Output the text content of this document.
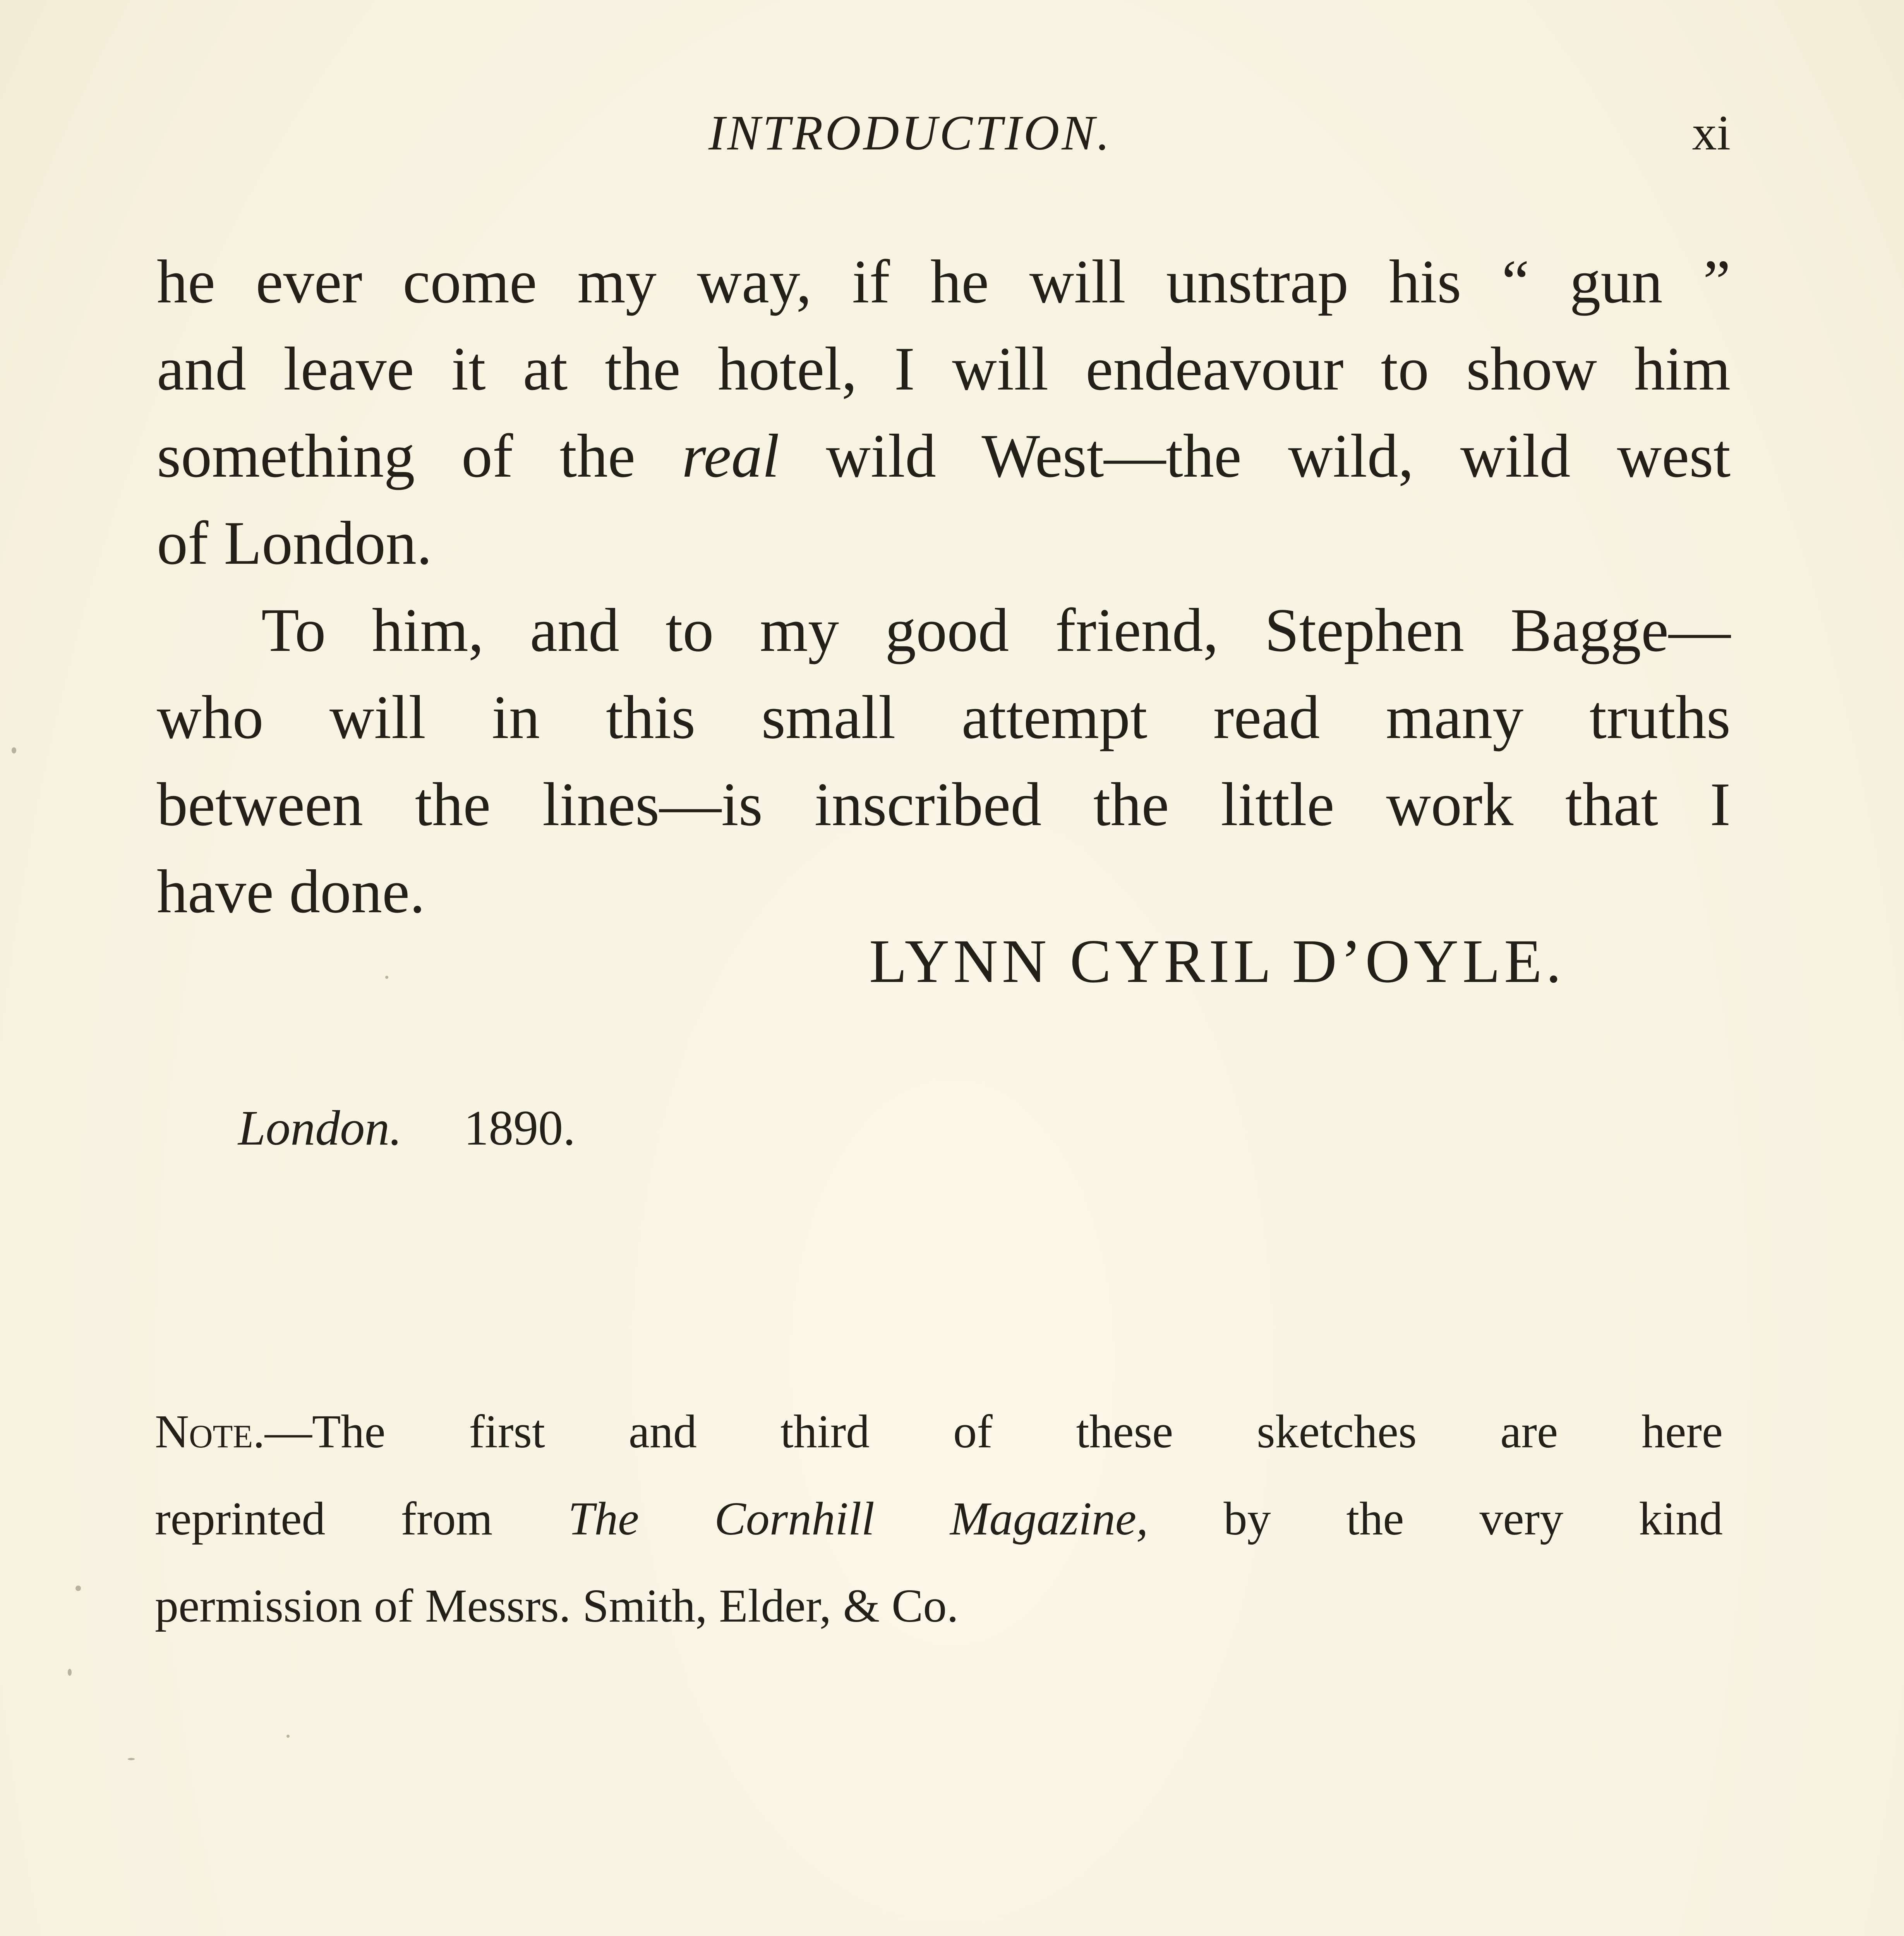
INTRODUCTION.	xi
he ever come my way, if he will unstrap his “ gun ”
and leave it at the hotel, I will endeavour to show him
something of the real wild West—the wild, wild west
of London.
To him, and to my good friend, Stephen Bagge—
who will in this small attempt read many truths
between the lines—is inscribed the little work that I
have done.
LYNN CYRIL D’OYLE.
London. 1890.
Note.—The first and third of these sketches are here
reprinted from The Cornhill Magazine, by the very kind
permission of Messrs. Smith, Elder, & Co.
